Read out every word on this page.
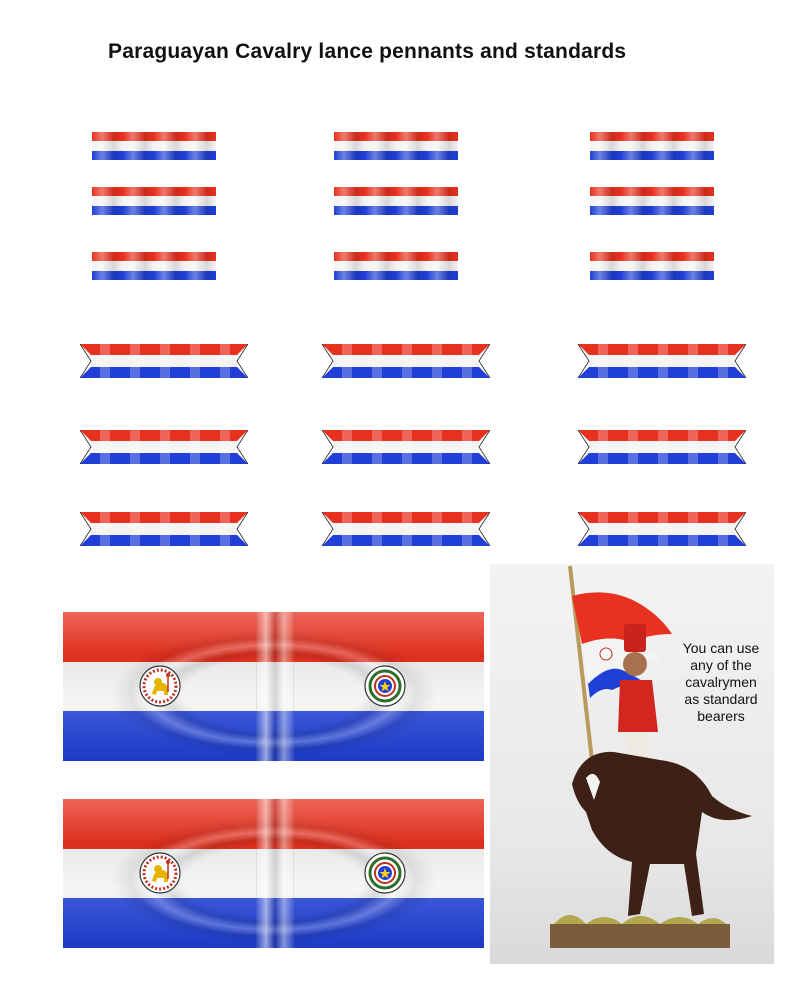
Paraguayan Cavalry lance pennants and standards
You can use any of the cavalrymen as standard bearers
